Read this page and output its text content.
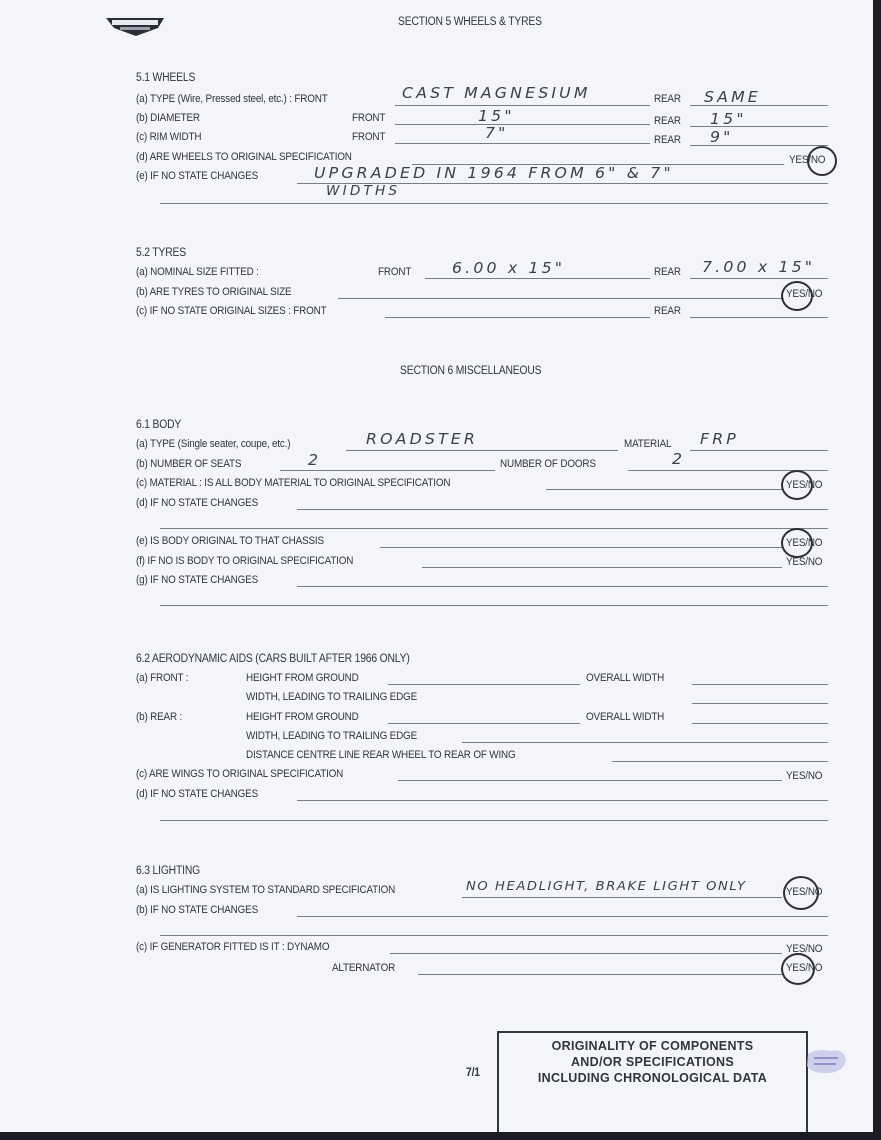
SECTION 5 WHEELS & TYRES
5.1 WHEELS
(a) TYPE (Wire, Pressed steel, etc.) : FRONT	CAST MAGNESIUM	REAR SAME
(b) DIAMETER	FRONT	15"	REAR 15"
(c) RIM WIDTH	FRONT	7"	REAR 9"
(d) ARE WHEELS TO ORIGINAL SPECIFICATION	YES/NO
(e) IF NO STATE CHANGES	UPGRADED IN 1964 FROM 6" & 7"
WIDTHS
5.2 TYRES
(a) NOMINAL SIZE FITTED :	FRONT	6.00 x 15"	REAR 7.00 x 15"
(b) ARE TYRES TO ORIGINAL SIZE	YES/NO
(c) IF NO STATE ORIGINAL SIZES : FRONT	REAR
SECTION 6 MISCELLANEOUS
6.1 BODY
(a) TYPE (Single seater, coupe, etc.)	ROADSTER	MATERIAL FRP
(b) NUMBER OF SEATS	2	NUMBER OF DOORS	2
(c) MATERIAL : IS ALL BODY MATERIAL TO ORIGINAL SPECIFICATION	YES/NO
(d) IF NO STATE CHANGES
(e) IS BODY ORIGINAL TO THAT CHASSIS	YES/NO
(f) IF NO IS BODY TO ORIGINAL SPECIFICATION	YES/NO
(g) IF NO STATE CHANGES
6.2 AERODYNAMIC AIDS (CARS BUILT AFTER 1966 ONLY)
(a) FRONT :	HEIGHT FROM GROUND	OVERALL WIDTH
WIDTH, LEADING TO TRAILING EDGE
(b) REAR :	HEIGHT FROM GROUND	OVERALL WIDTH
WIDTH, LEADING TO TRAILING EDGE
DISTANCE CENTRE LINE REAR WHEEL TO REAR OF WING
(c) ARE WINGS TO ORIGINAL SPECIFICATION	YES/NO
(d) IF NO STATE CHANGES
6.3 LIGHTING
(a) IS LIGHTING SYSTEM TO STANDARD SPECIFICATION	NO HEADLIGHT, BRAKE LIGHT ONLY	YES/NO
(b) IF NO STATE CHANGES
(c) IF GENERATOR FITTED IS IT : DYNAMO	YES/NO
ALTERNATOR	YES/NO
7/1
ORIGINALITY OF COMPONENTS
AND/OR SPECIFICATIONS
INCLUDING CHRONOLOGICAL DATA
